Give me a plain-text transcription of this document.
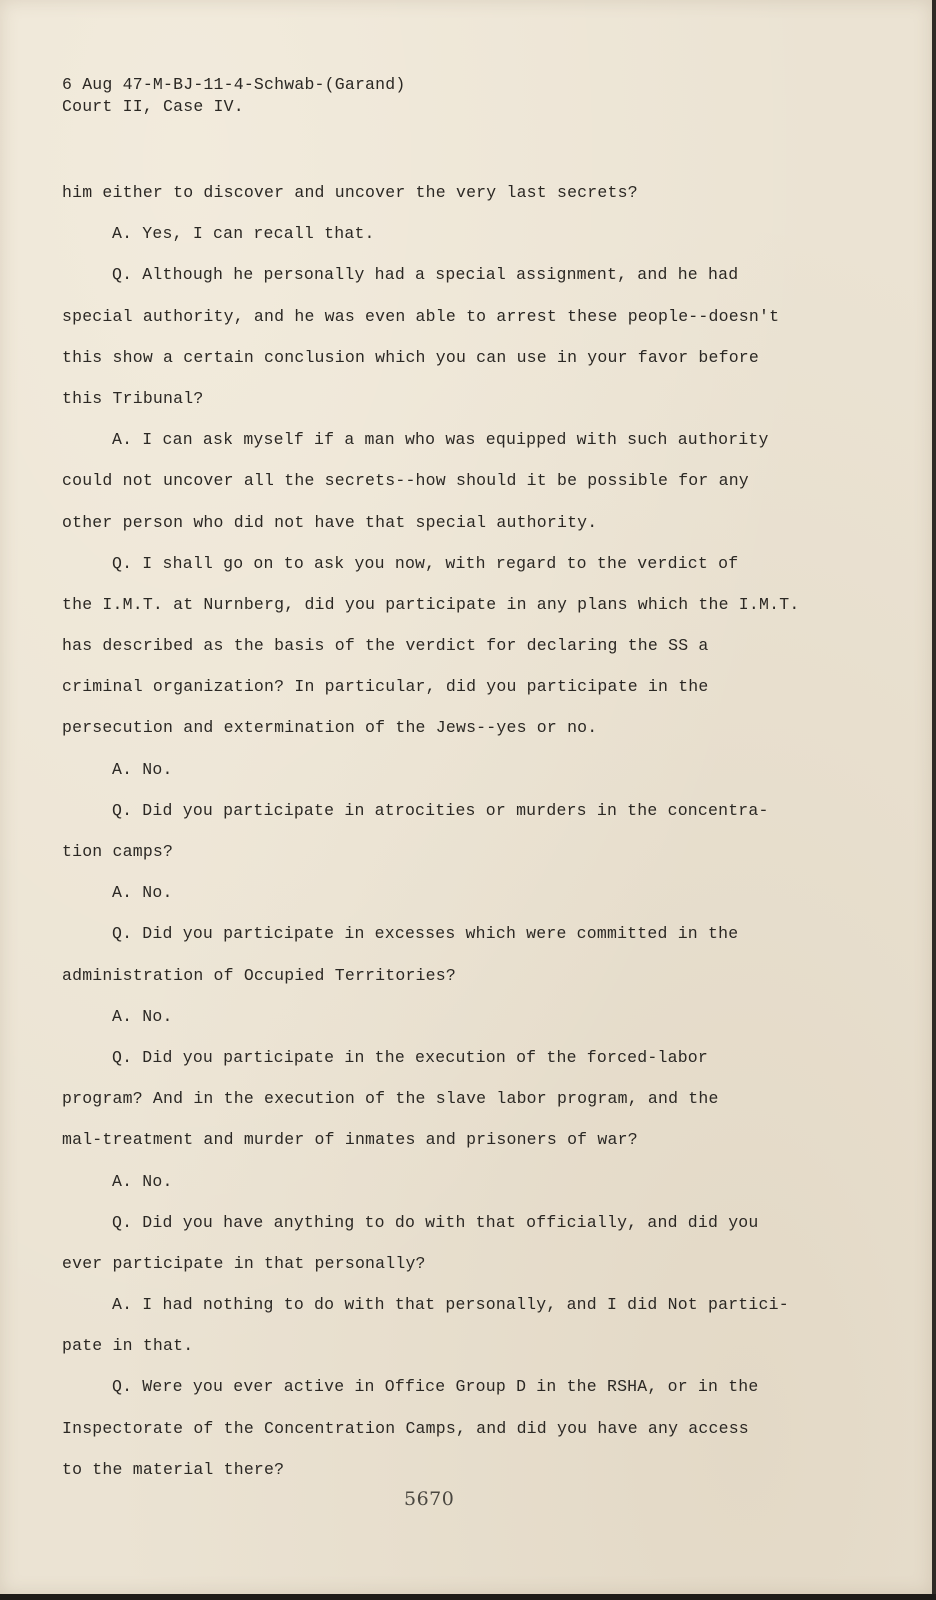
6 Aug 47-M-BJ-11-4-Schwab-(Garand)
Court II, Case IV.
him either to discover and uncover the very last secrets?
A. Yes, I can recall that.
Q. Although he personally had a special assignment, and he had
special authority, and he was even able to arrest these people--doesn't
this show a certain conclusion which you can use in your favor before
this Tribunal?
A. I can ask myself if a man who was equipped with such authority
could not uncover all the secrets--how should it be possible for any
other person who did not have that special authority.
Q. I shall go on to ask you now, with regard to the verdict of
the I.M.T. at Nurnberg, did you participate in any plans which the I.M.T.
has described as the basis of the verdict for declaring the SS a
criminal organization? In particular, did you participate in the
persecution and extermination of the Jews--yes or no.
A. No.
Q. Did you participate in atrocities or murders in the concentra-
tion camps?
A. No.
Q. Did you participate in excesses which were committed in the
administration of Occupied Territories?
A. No.
Q. Did you participate in the execution of the forced-labor
program? And in the execution of the slave labor program, and the
mal-treatment and murder of inmates and prisoners of war?
A. No.
Q. Did you have anything to do with that officially, and did you
ever participate in that personally?
A. I had nothing to do with that personally, and I did Not partici-
pate in that.
Q. Were you ever active in Office Group D in the RSHA, or in the
Inspectorate of the Concentration Camps, and did you have any access
to the material there?
5670
